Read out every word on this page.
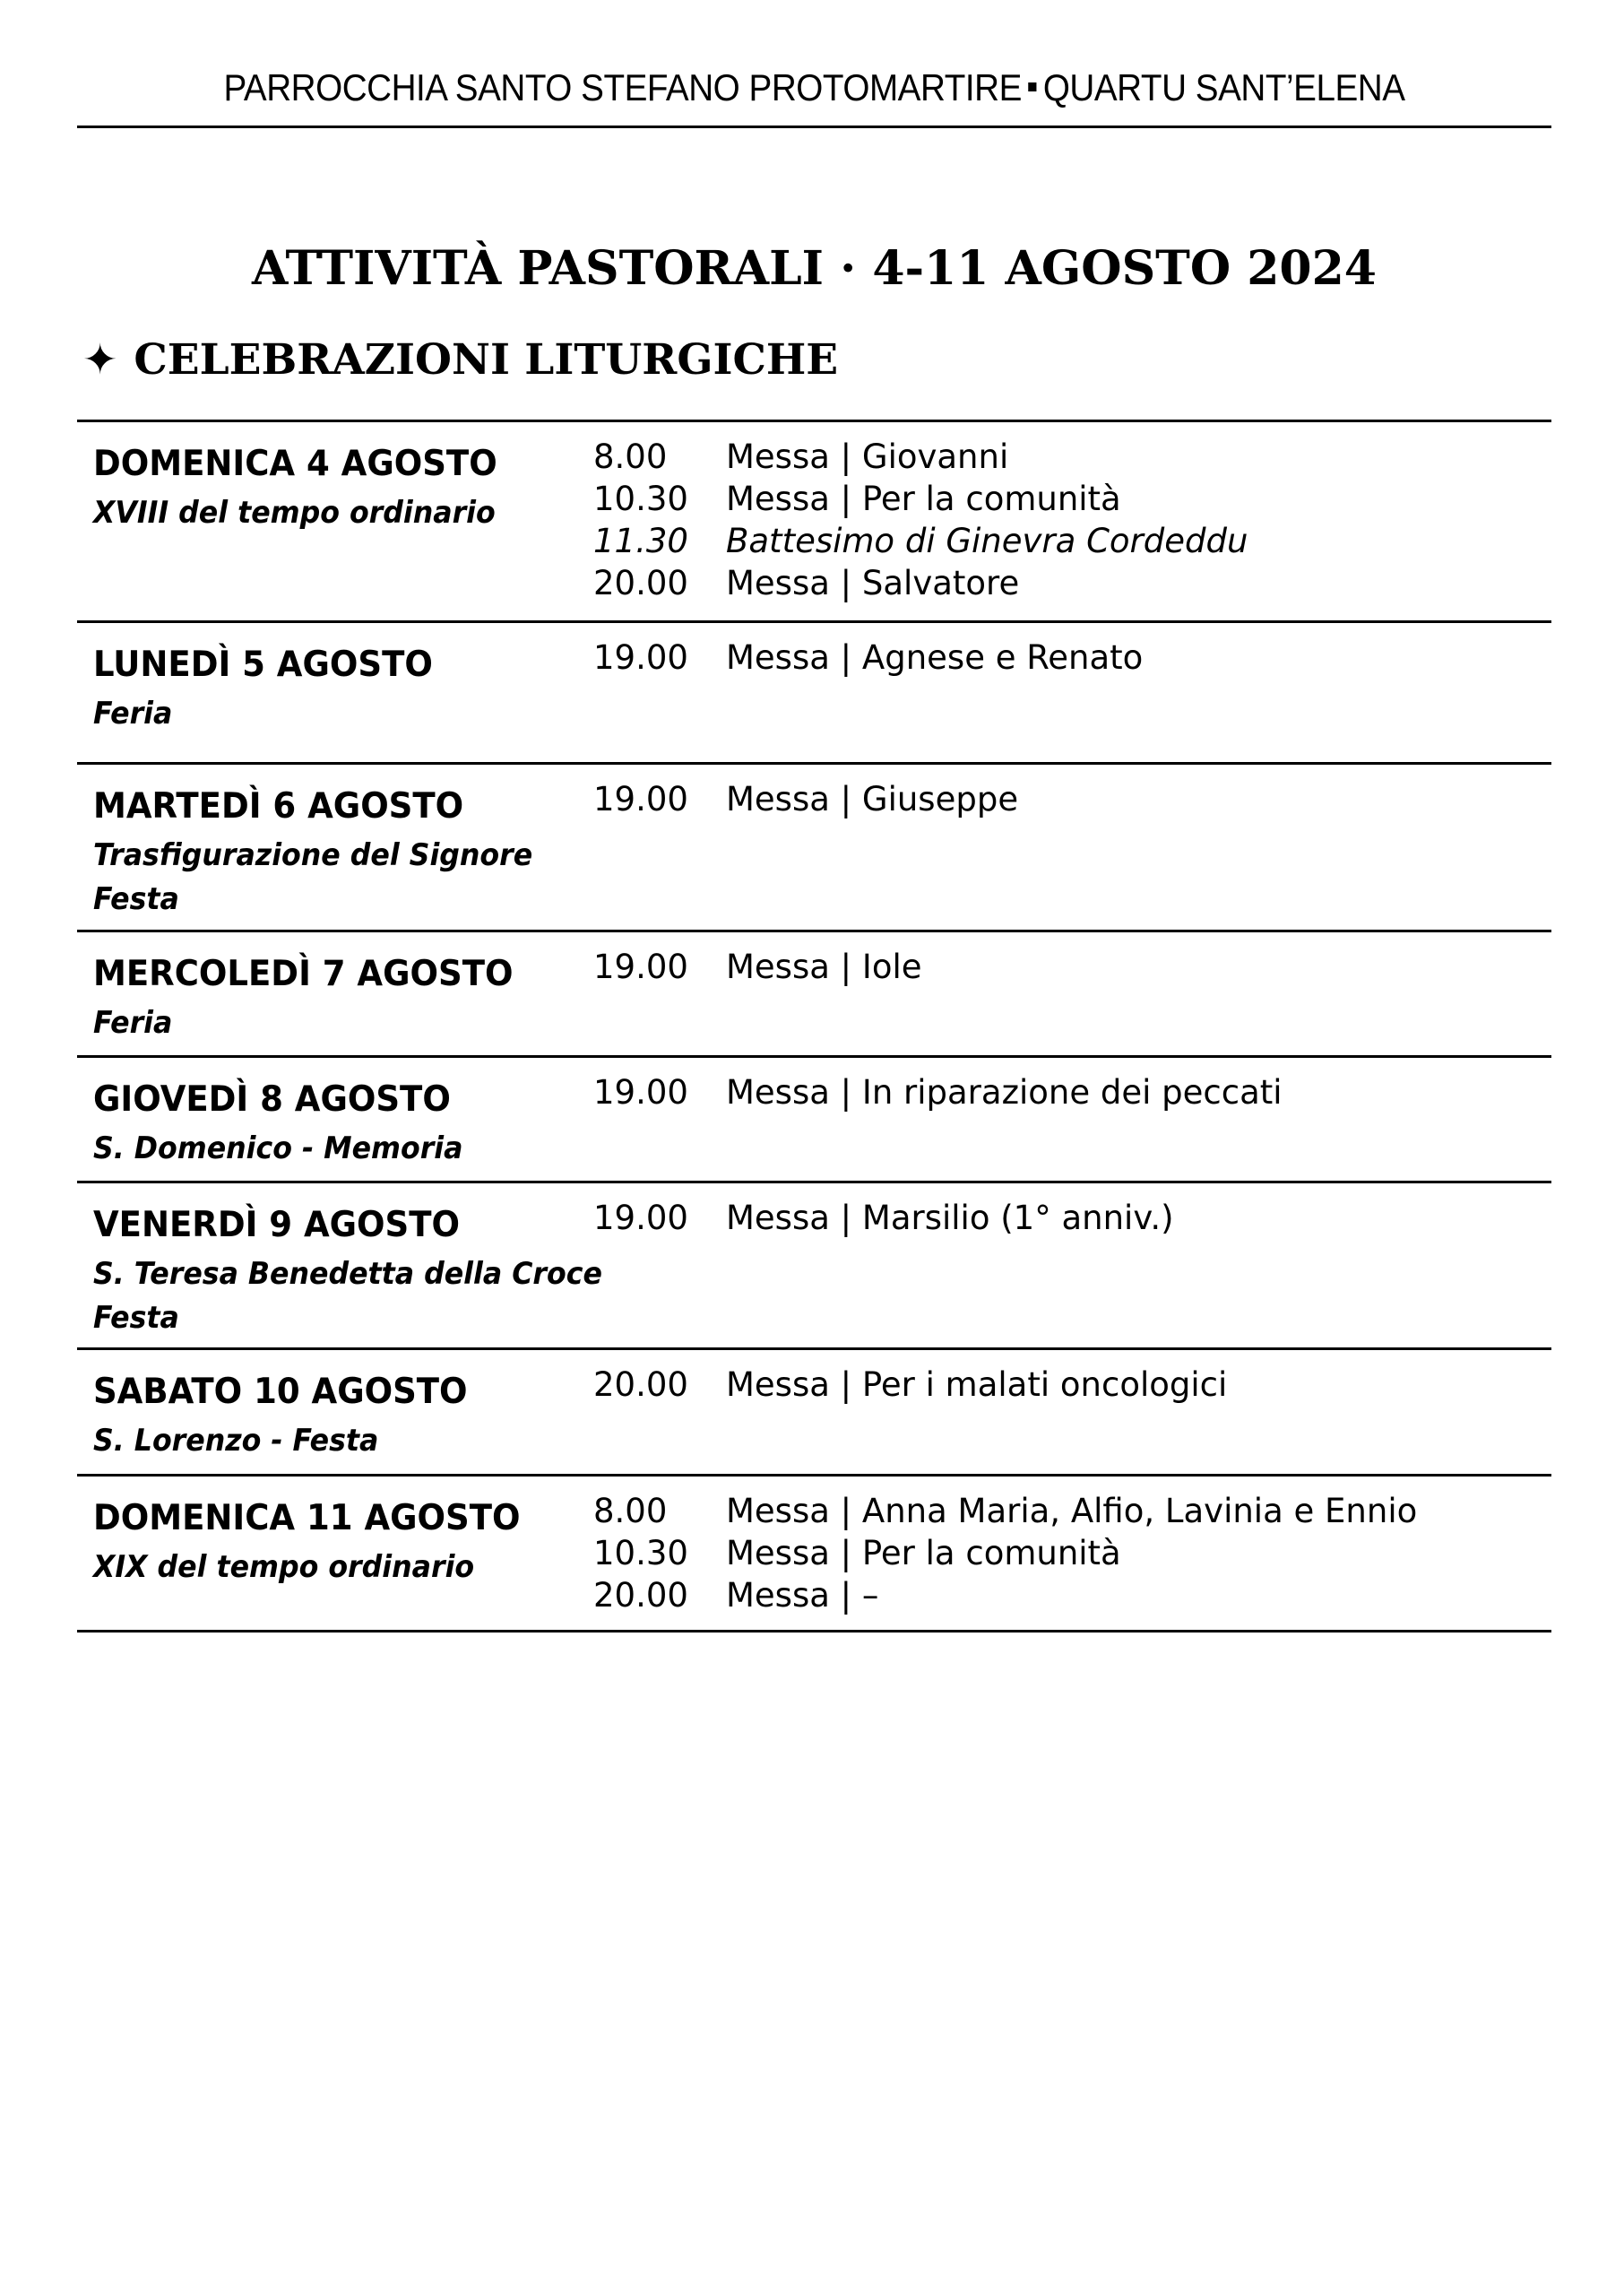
PARROCCHIA SANTO STEFANO PROTOMARTIRE QUARTU SANT’ELENA
ATTIVITÀ PASTORALI · 4-11 AGOSTO 2024
✦ CELEBRAZIONI LITURGICHE
DOMENICA 4 AGOSTO
XVIII del tempo ordinario
8.00 Messa | Giovanni
10.30 Messa | Per la comunità
11.30 Battesimo di Ginevra Cordeddu
20.00 Messa | Salvatore
LUNEDÌ 5 AGOSTO
Feria
19.00 Messa | Agnese e Renato
MARTEDÌ 6 AGOSTO
Trasfigurazione del Signore
Festa
19.00 Messa | Giuseppe
MERCOLEDÌ 7 AGOSTO
Feria
19.00 Messa | Iole
GIOVEDÌ 8 AGOSTO
S. Domenico - Memoria
19.00 Messa | In riparazione dei peccati
VENERDÌ 9 AGOSTO
S. Teresa Benedetta della Croce
Festa
19.00 Messa | Marsilio (1° anniv.)
SABATO 10 AGOSTO
S. Lorenzo - Festa
20.00 Messa | Per i malati oncologici
DOMENICA 11 AGOSTO
XIX del tempo ordinario
8.00 Messa | Anna Maria, Alfio, Lavinia e Ennio
10.30 Messa | Per la comunità
20.00 Messa | –
